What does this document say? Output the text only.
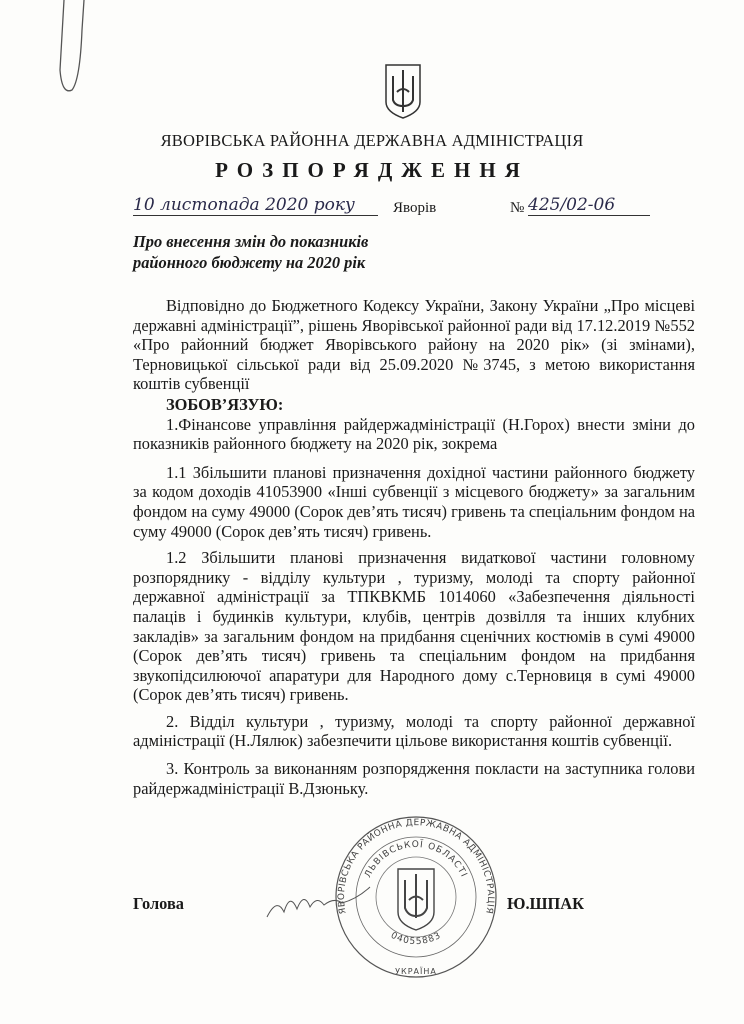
ЯВОРІВСЬКА РАЙОННА ДЕРЖАВНА АДМІНІСТРАЦІЯ
РОЗПОРЯДЖЕННЯ
10 листопада 2020 року	Яворів	№ 425/02-06
Про внесення змін до показників
районного бюджету на 2020 рік

Відповідно до Бюджетного Кодексу України, Закону України „Про місцеві державні адміністрації”, рішень Яворівської районної ради від 17.12.2019 №552 «Про районний бюджет Яворівського району на 2020 рік» (зі змінами), Терновицької сільської ради від 25.09.2020 №3745, з метою використання коштів субвенції

ЗОБОВ’ЯЗУЮ:

1.Фінансове управління райдержадміністрації (Н.Горох) внести зміни до показників районного бюджету на 2020 рік, зокрема

1.1 Збільшити планові призначення дохідної частини районного бюджету за кодом доходів 41053900 «Інші субвенції з місцевого бюджету» за загальним фондом на суму 49000 (Сорок дев’ять тисяч) гривень та спеціальним фондом на суму 49000 (Сорок дев’ять тисяч) гривень.

1.2 Збільшити планові призначення видаткової частини головному розпоряднику - відділу культури , туризму, молоді та спорту районної державної адміністрації за ТПКВКМБ 1014060 «Забезпечення діяльності палаців і будинків культури, клубів, центрів дозвілля та інших клубних закладів» за загальним фондом на придбання сценічних костюмів в сумі 49000 (Сорок дев’ять тисяч) гривень та спеціальним фондом на придбання звукопідсилюючої апаратури для Народного дому с.Терновиця в сумі 49000 (Сорок дев’ять тисяч) гривень.

2. Відділ культури , туризму, молоді та спорту районної державної адміністрації (Н.Лялюк) забезпечити цільове використання коштів субвенції.

3. Контроль за виконанням розпорядження покласти на заступника голови райдержадміністрації В.Дзюньку.

ЯВОРІВСЬКА РАЙОННА ДЕРЖАВНА АДМІНІСТРАЦІЯ
ЛЬВІВСЬКОЇ ОБЛАСТІ
04055883
УКРАЇНА
Голова	Ю.ШПАК
